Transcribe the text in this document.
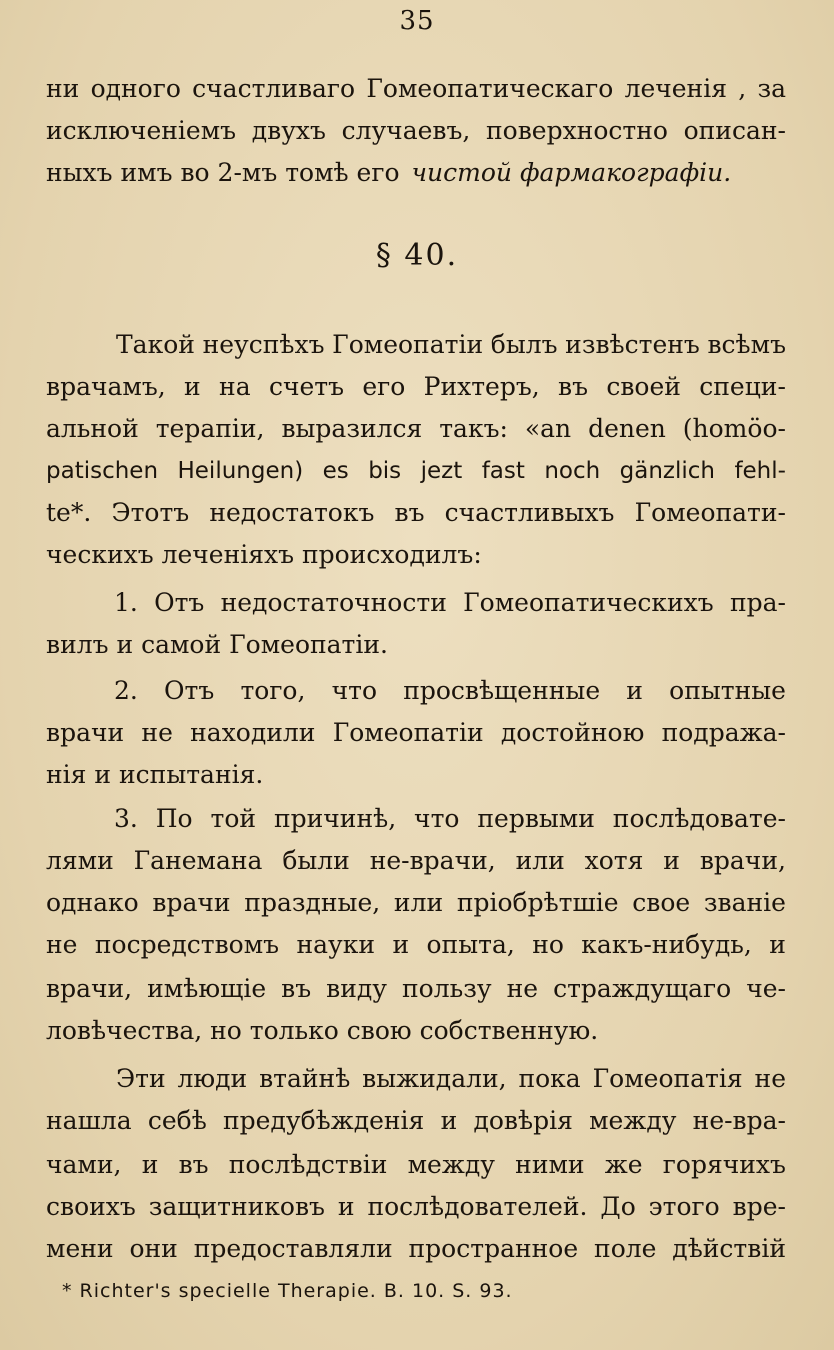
35
ни одного счастливаго Гомеопатическаго леченія , за
исключеніемъ двухъ случаевъ, поверхностно описан-
ныхъ имъ во 2-мъ томѣ его чистой фармакографіи.
§ 40.
Такой неуспѣхъ Гомеопатіи былъ извѣстенъ всѣмъ
врачамъ, и на счетъ его Рихтеръ, въ своей специ-
альной терапіи, выразился такъ: «an denen (homöo-
patischen Heilungen) es bis jezt fast noch gänzlich fehl-
te*. Этотъ недостатокъ въ счастливыхъ Гомеопати-
ческихъ леченіяхъ происходилъ:
1. Отъ недостаточности Гомеопатическихъ пра-
вилъ и самой Гомеопатіи.
2. Отъ того, что просвѣщенные и опытные
врачи не находили Гомеопатіи достойною подража-
нія и испытанія.
3. По той причинѣ, что первыми послѣдовате-
лями Ганемана были не-врачи, или хотя и врачи,
однако врачи праздные, или пріобрѣтшіе свое званіе
не посредствомъ науки и опыта, но какъ-нибудь, и
врачи, имѣющіе въ виду пользу не страждущаго че-
ловѣчества, но только свою собственную.
Эти люди втайнѣ выжидали, пока Гомеопатія не
нашла себѣ предубѣжденія и довѣрія между не-вра-
чами, и въ послѣдствіи между ними же горячихъ
своихъ защитниковъ и послѣдователей. До этого вре-
мени они предоставляли пространное поле дѣйствій
* Richter's specielle Therapie. B. 10. S. 93.
